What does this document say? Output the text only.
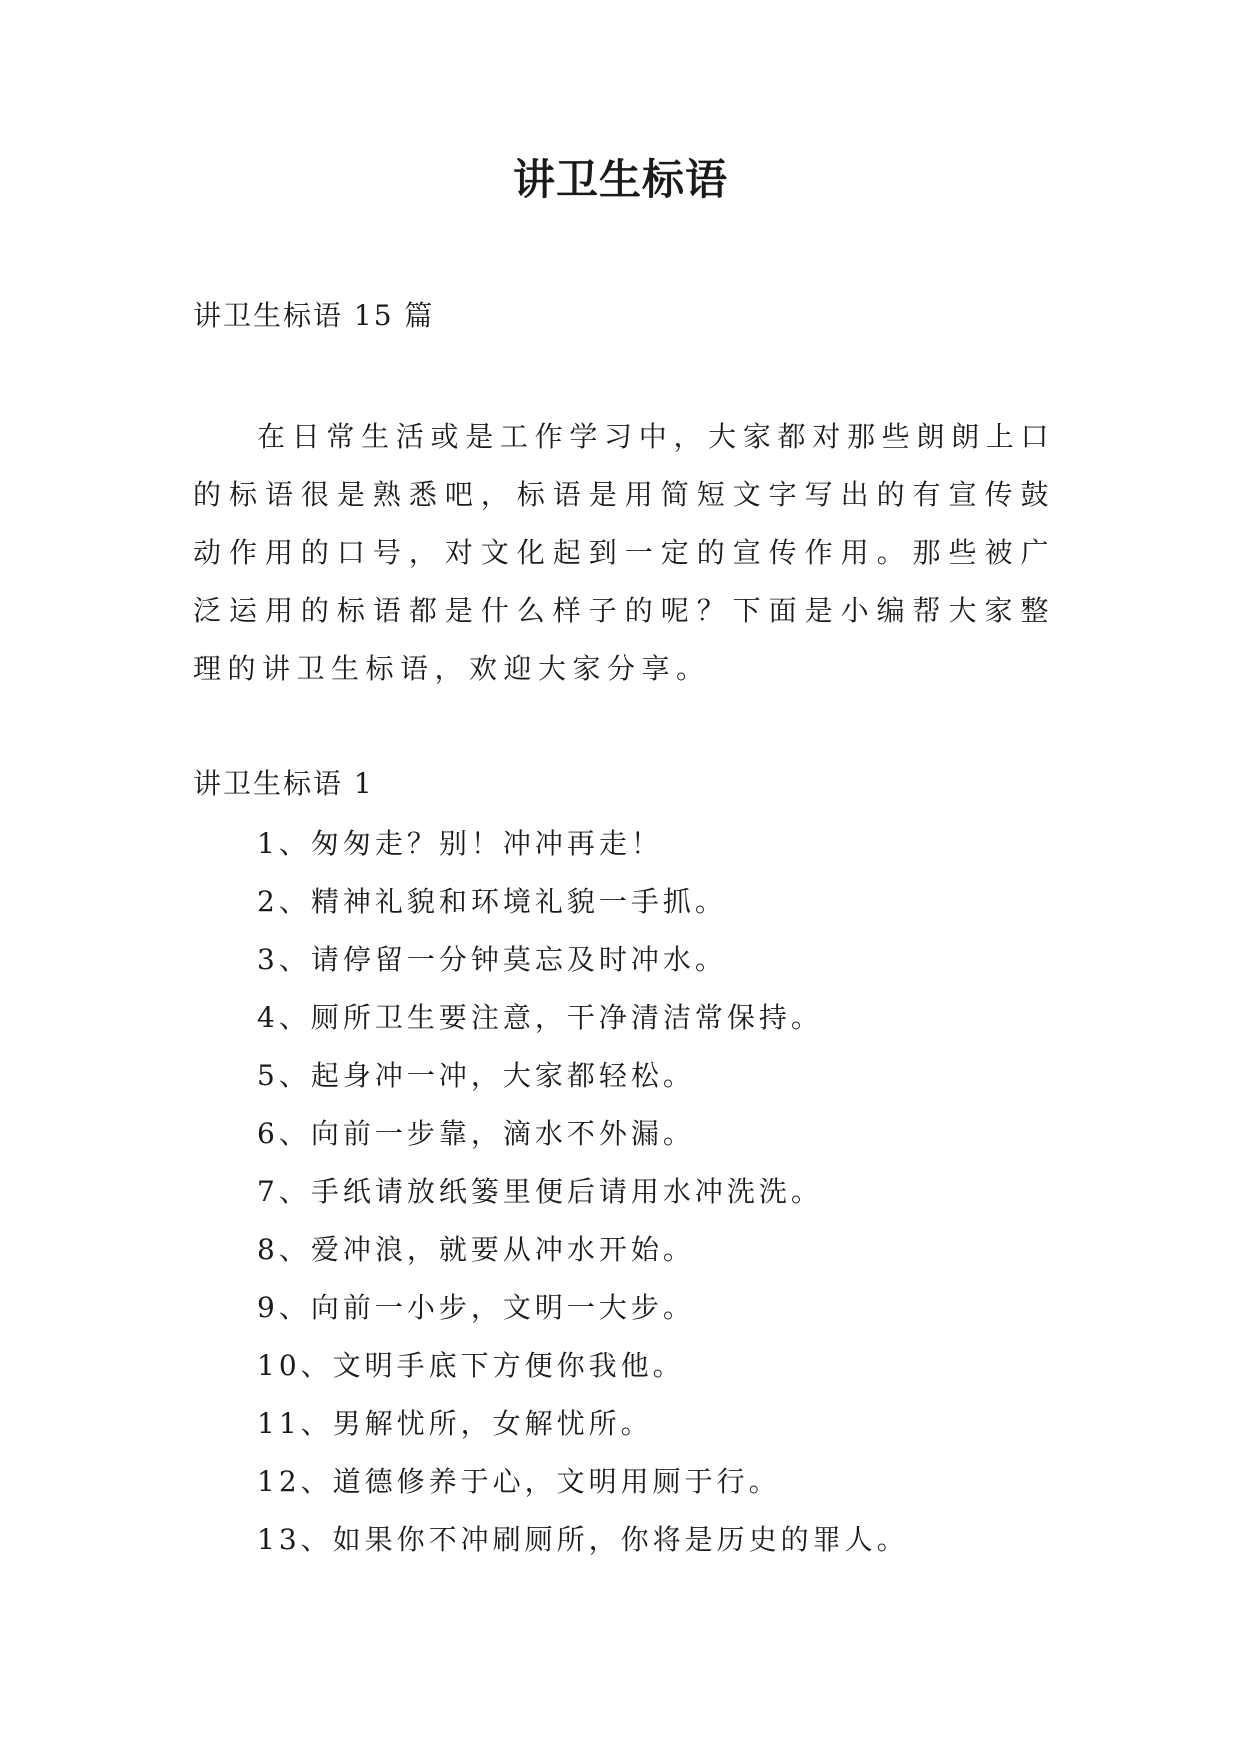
讲卫生标语
讲卫生标语 15 篇
在日常生活或是工作学习中，大家都对那些朗朗上口的标语很是熟悉吧，标语是用简短文字写出的有宣传鼓动作用的口号，对文化起到一定的宣传作用。那些被广泛运用的标语都是什么样子的呢？下面是小编帮大家整理的讲卫生标语，欢迎大家分享。
讲卫生标语 1
1、匆匆走？别！冲冲再走！
2、精神礼貌和环境礼貌一手抓。
3、请停留一分钟莫忘及时冲水。
4、厕所卫生要注意，干净清洁常保持。
5、起身冲一冲，大家都轻松。
6、向前一步靠，滴水不外漏。
7、手纸请放纸篓里便后请用水冲洗洗。
8、爱冲浪，就要从冲水开始。
9、向前一小步，文明一大步。
10、文明手底下方便你我他。
11、男解忧所，女解忧所。
12、道德修养于心，文明用厕于行。
13、如果你不冲刷厕所，你将是历史的罪人。
